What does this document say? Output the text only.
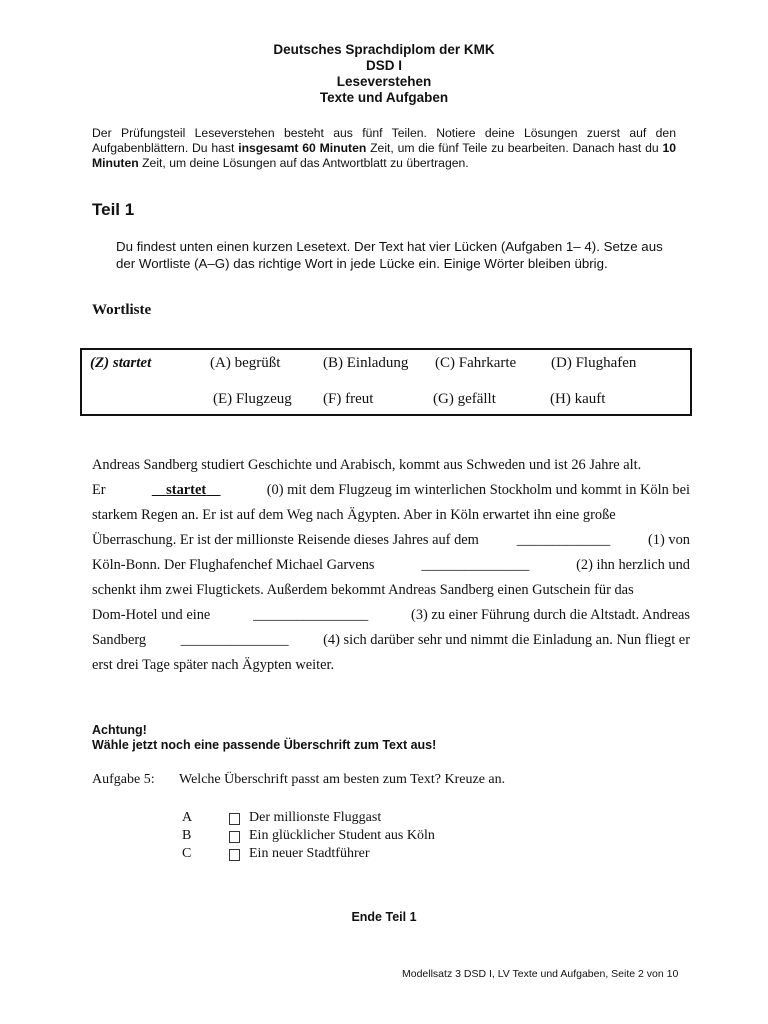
Deutsches Sprachdiplom der KMK
DSD I
Leseverstehen
Texte und Aufgaben
Der Prüfungsteil Leseverstehen besteht aus fünf Teilen. Notiere deine Lösungen zuerst auf den Aufgabenblättern. Du hast insgesamt 60 Minuten Zeit, um die fünf Teile zu bearbeiten. Danach hast du 10 Minuten Zeit, um deine Lösungen auf das Antwortblatt zu übertragen.
Teil 1
Du findest unten einen kurzen Lesetext. Der Text hat vier Lücken (Aufgaben 1– 4). Setze aus der Wortliste (A–G) das richtige Wort in jede Lücke ein. Einige Wörter bleiben übrig.
Wortliste
(Z) startet	(A) begrüßt	(B) Einladung (C) Fahrkarte (D) Flughafen
(E) Flugzeug (F) freut	(G) gefällt	(H) kauft
Andreas Sandberg studiert Geschichte und Arabisch, kommt aus Schweden und ist 26 Jahre alt.
Er	startet	(0) mit dem Flugzeug im winterlichen Stockholm und kommt in Köln bei
starkem Regen an. Er ist auf dem Weg nach Ägypten. Aber in Köln erwartet ihn eine große
Überraschung. Er ist der millionste Reisende dieses Jahres auf dem	_____________	(1) von
Köln-Bonn. Der Flughafenchef Michael Garvens	_______________	(2) ihn herzlich und
schenkt ihm zwei Flugtickets. Außerdem bekommt Andreas Sandberg einen Gutschein für das
Dom-Hotel und eine	________________	(3) zu einer Führung durch die Altstadt. Andreas
Sandberg _______________ (4) sich darüber sehr und nimmt die Einladung an. Nun fliegt er
erst drei Tage später nach Ägypten weiter.
Achtung!
Wähle jetzt noch eine passende Überschrift zum Text aus!
Aufgabe 5: Welche Überschrift passt am besten zum Text? Kreuze an.
A	Der millionste Fluggast
B	Ein glücklicher Student aus Köln
C	Ein neuer Stadtführer
Ende Teil 1
Modellsatz 3 DSD I, LV Texte und Aufgaben, Seite 2 von 10
